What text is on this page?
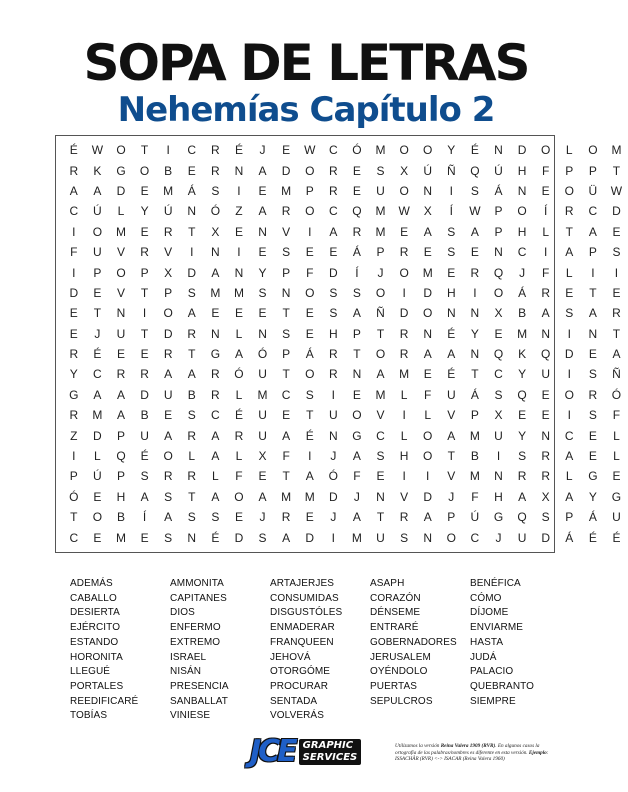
SOPA DE LETRAS
Nehemías Capítulo 2
É	W	O	T	I	C	R	É	J	E	W	C	Ó	M	O	O	Y	É	N	D	O	L	O	M
R	K	G	O	B	E	R	N	A	D	O	R	E	S	X	Ú	Ñ	Q	Ú	H	F	P	P	T
A	A	D	E	M	Á	S	I	E	M	P	R	E	U	O	N	I	S	Á	N	E	O	Ü	W
C	Ú	L	Y	Ú	N	Ó	Z	A	R	O	C	Q	M	W	X	Í	W	P	O	Í	R	C	D
I	O	M	E	R	T	X	E	N	V	I	A	R	M	E	A	S	A	P	H	L	T	A	E
F	U	V	R	V	I	N	I	E	S	E	E	Á	P	R	E	S	E	N	C	I	A	P	S
I	P	O	P	X	D	A	N	Y	P	F	D	Í	J	O	M	E	R	Q	J	F	L	I	I
D	E	V	T	P	S	M	M	S	N	O	S	S	O	I	D	H	I	O	Á	R	E	T	E
E	T	N	I	O	A	E	E	E	T	E	S	A	Ñ	D	O	N	N	X	B	A	S	A	R
E	J	U	T	D	R	N	L	N	S	E	H	P	T	R	N	É	Y	E	M	N	I	N	T
R	É	E	E	R	T	G	A	Ó	P	Á	R	T	O	R	A	A	N	Q	K	Q	D	E	A
Y	C	R	R	A	A	R	Ó	U	T	O	R	N	A	M	E	É	T	C	Y	U	I	S	Ñ
G	A	A	D	U	B	R	L	M	C	S	I	E	M	L	F	U	Á	S	Q	E	O	R	Ó
R	M	A	B	E	S	C	É	U	E	T	U	O	V	I	L	V	P	X	E	E	I	S	F
Z	D	P	U	A	R	A	R	U	A	É	N	G	C	L	O	A	M	U	Y	N	C	E	L
I	L	Q	É	O	L	A	L	X	F	I	J	A	S	H	O	T	B	I	S	R	A	E	L
P	Ú	P	S	R	R	L	F	E	T	A	Ó	F	E	I	I	V	M	N	R	R	L	G	E
Ó	E	H	A	S	T	A	O	A	M	M	D	J	N	V	D	J	F	H	A	X	A	Y	G
T	O	B	Í	A	S	S	E	J	R	E	J	A	T	R	A	P	Ú	G	Q	S	P	Á	U
C	E	M	E	S	N	É	D	S	A	D	I	M	U	S	N	O	C	J	U	D	Á	É	É
ADEMÁS
CABALLO
DESIERTA
EJÉRCITO
ESTANDO
HORONITA
LLEGUÉ
PORTALES
REEDIFICARÉ
TOBÍAS
AMMONITA
CAPITANES
DIOS
ENFERMO
EXTREMO
ISRAEL
NISÁN
PRESENCIA
SANBALLAT
VINIESE
ARTAJERJES
CONSUMIDAS
DISGUSTÓLES
ENMADERAR
FRANQUEEN
JEHOVÁ
OTORGÓME
PROCURAR
SENTADA
VOLVERÁS
ASAPH
CORAZÓN
DÉNSEME
ENTRARÉ
GOBERNADORES
JERUSALEM
OYÉNDOLO
PUERTAS
SEPULCROS
BENÉFICA
CÓMO
DÍJOME
ENVIARME
HASTA
JUDÁ
PALACIO
QUEBRANTO
SIEMPRE
JCE GRAPHIC
SERVICES
Utilizamos la versión Reina Valera 1909 (RVR). En algunos casos la ortografía de las palabras/nombres es diferente en esta versión. Ejemplo: ISSACHÂR (RVR) <-> ISACAR (Reina Valera 1960)
